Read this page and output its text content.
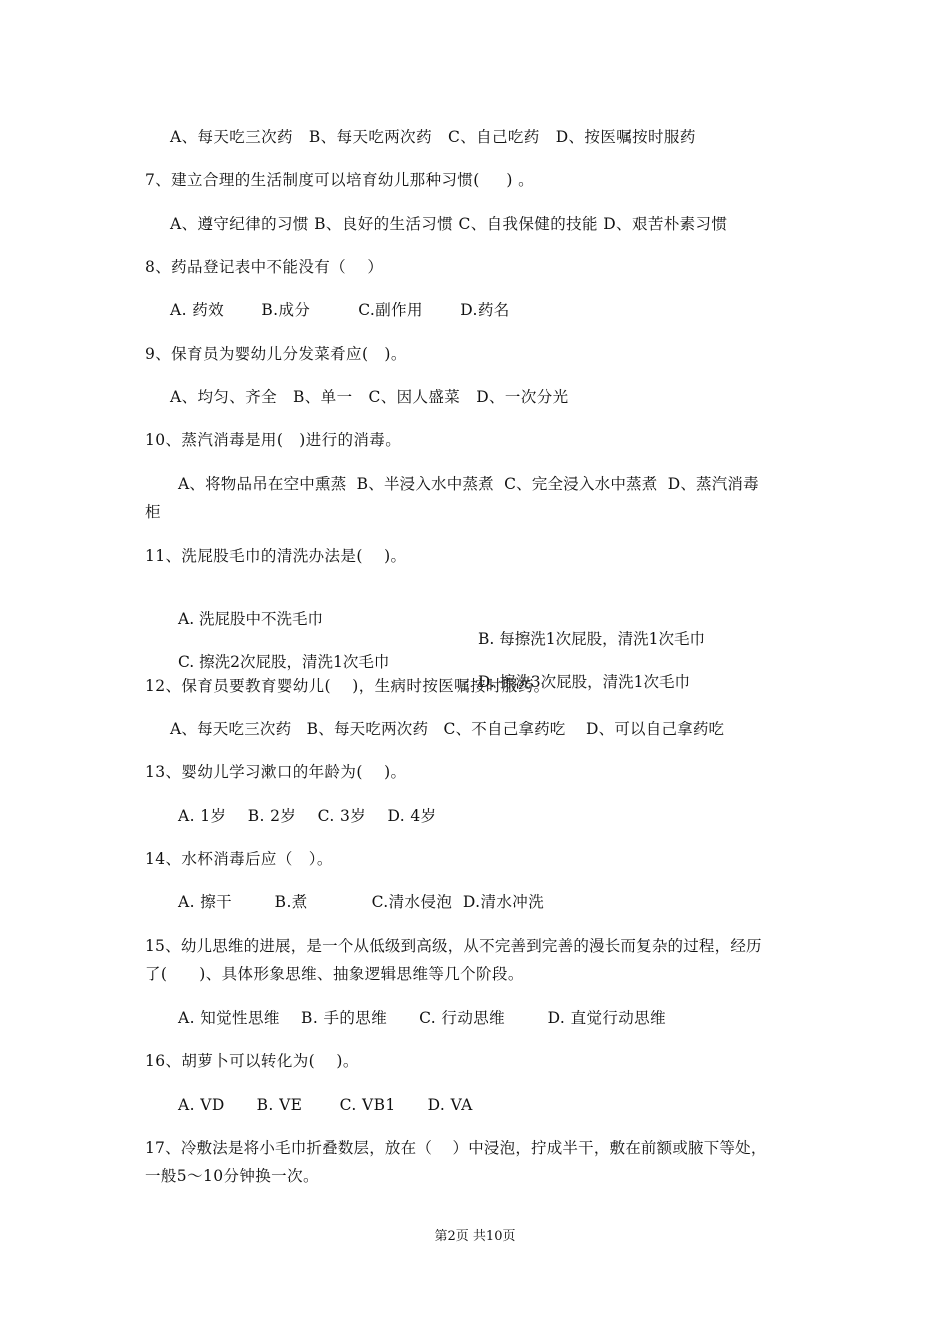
A、每天吃三次药   B、每天吃两次药   C、自己吃药   D、按医嘱按时服药
7、建立合理的生活制度可以培育幼儿那种习惯(     ) 。
A、遵守纪律的习惯 B、良好的生活习惯 C、自我保健的技能 D、艰苦朴素习惯
8、药品登记表中不能没有（    ）
A. 药效       B.成分         C.副作用       D.药名
9、保育员为婴幼儿分发菜肴应(   )。
A、均匀、齐全   B、单一   C、因人盛菜   D、一次分光
10、蒸汽消毒是用(   )进行的消毒。
A、将物品吊在空中熏蒸  B、半浸入水中蒸煮  C、完全浸入水中蒸煮  D、蒸汽消毒
柜
11、洗屁股毛巾的清洗办法是(    )。

A. 洗屁股中不洗毛巾

B. 每擦洗1次屁股，清洗1次毛巾

C. 擦洗2次屁股，清洗1次毛巾

D. 擦洗3次屁股，清洗1次毛巾

12、保育员要教育婴幼儿(    )，生病时按医嘱按时服药。
A、每天吃三次药   B、每天吃两次药   C、不自己拿药吃    D、可以自己拿药吃
13、婴幼儿学习漱口的年龄为(    )。
A. 1岁    B. 2岁    C. 3岁    D. 4岁
14、水杯消毒后应（   ）。
A. 擦干        B.煮            C.清水侵泡  D.清水冲洗
15、幼儿思维的进展，是一个从低级到高级，从不完善到完善的漫长而复杂的过程，经历
了(      )、具体形象思维、抽象逻辑思维等几个阶段。
A. 知觉性思维    B. 手的思维      C. 行动思维        D. 直觉行动思维
16、胡萝卜可以转化为(    )。
A. VD      B. VE       C. VB1      D. VA
17、冷敷法是将小毛巾折叠数层，放在（    ）中浸泡，拧成半干，敷在前额或腋下等处，
一般5～10分钟换一次。
第2页 共10页
